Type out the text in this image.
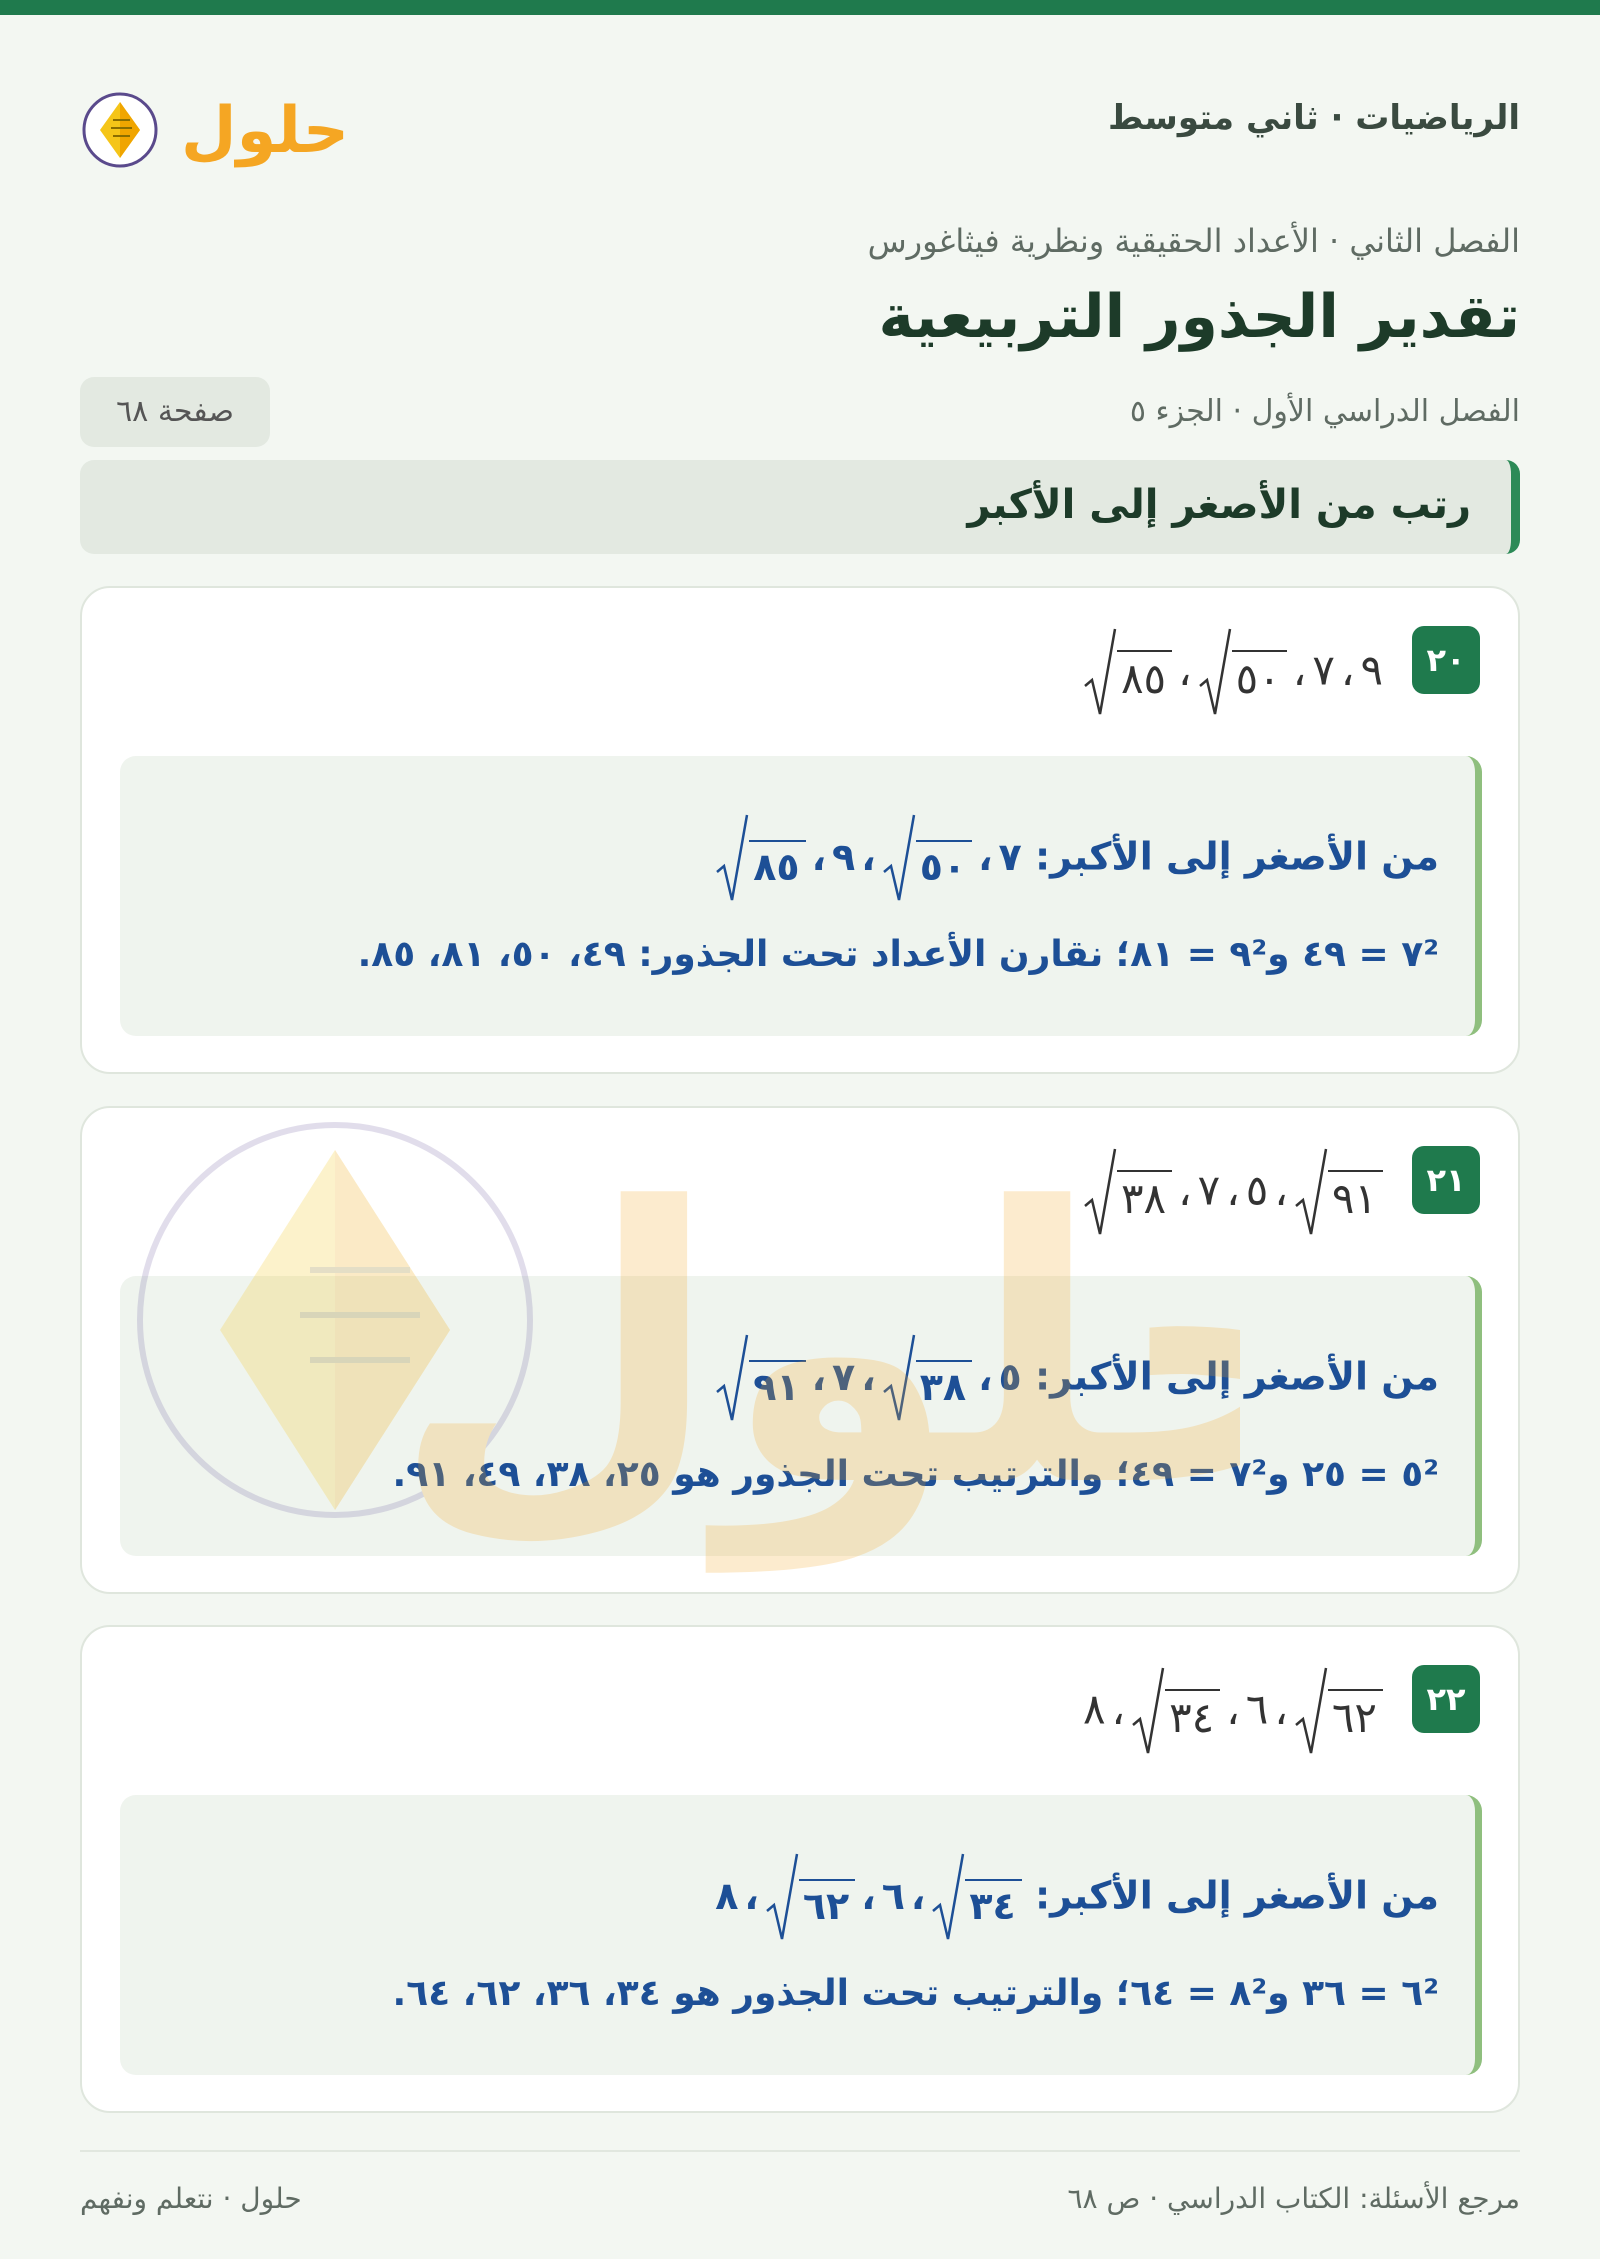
الرياضيات · ثاني متوسط
حلول
الفصل الثاني · الأعداد الحقيقية ونظرية فيثاغورس
تقدير الجذور التربيعية
الفصل الدراسي الأول · الجزء ٥
صفحة ٦٨
رتب من الأصغر إلى الأكبر
٢٠
٧ ، ٩،
٥٠
،
٨٥
من الأصغر إلى الأكبر: ٧،
٥٠
،٩،
٨٥
٧² = ٤٩ و٩² = ٨١؛ نقارن الأعداد تحت الجذور: ٤٩، ٥٠، ٨١، ٨٥.
٢١
٩١
،٧ ، ٥،
٣٨
من الأصغر إلى الأكبر: ٥،
٣٨
،٧،
٩١
٥² = ٢٥ و٧² = ٤٩؛ والترتيب تحت الجذور هو ٢٥، ٣٨، ٤٩، ٩١.
٢٢
٦٢
،٦،
٣٤
،٨
من الأصغر إلى الأكبر:
٣٤
،٦،
٦٢
،٨
٦² = ٣٦ و٨² = ٦٤؛ والترتيب تحت الجذور هو ٣٤، ٣٦، ٦٢، ٦٤.
لول
مرجع الأسئلة: الكتاب الدراسي · ص ٦٨
حلول · نتعلم ونفهم
